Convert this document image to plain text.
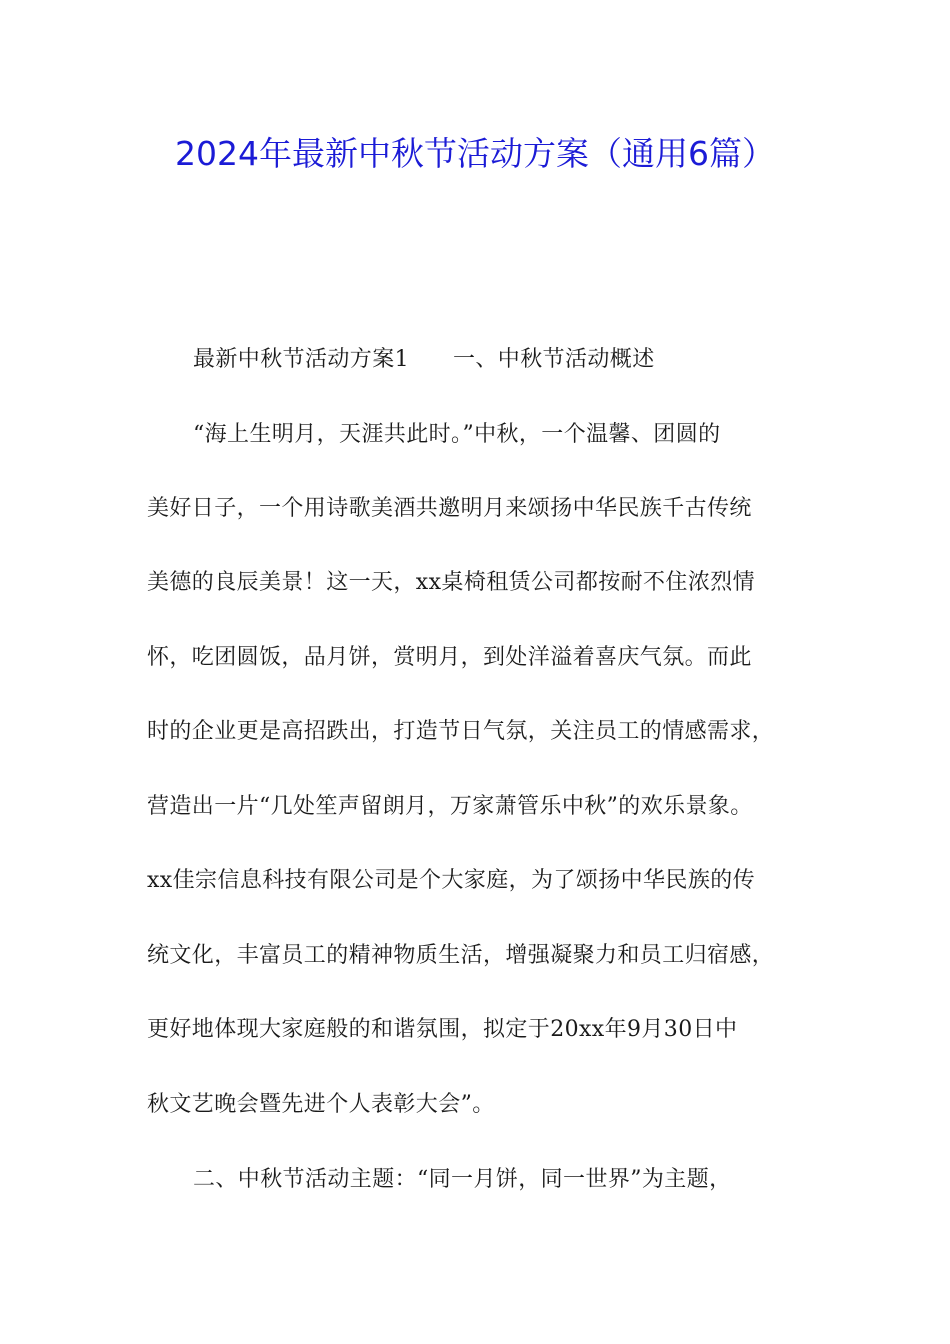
2024年最新中秋节活动方案（通用6篇）
最新中秋节活动方案1 一、中秋节活动概述
“海上生明月，天涯共此时。”中秋，一个温馨、团圆的
美好日子，一个用诗歌美酒共邀明月来颂扬中华民族千古传统
美德的良辰美景！这一天，xx桌椅租赁公司都按耐不住浓烈情
怀，吃团圆饭，品月饼，赏明月，到处洋溢着喜庆气氛。而此
时的企业更是高招跌出，打造节日气氛，关注员工的情感需求，
营造出一片“几处笙声留朗月，万家萧管乐中秋”的欢乐景象。
xx佳宗信息科技有限公司是个大家庭，为了颂扬中华民族的传
统文化，丰富员工的精神物质生活，增强凝聚力和员工归宿感，
更好地体现大家庭般的和谐氛围，拟定于20xx年9月30日中
秋文艺晚会暨先进个人表彰大会”。
二、中秋节活动主题：“同一月饼，同一世界”为主题，
